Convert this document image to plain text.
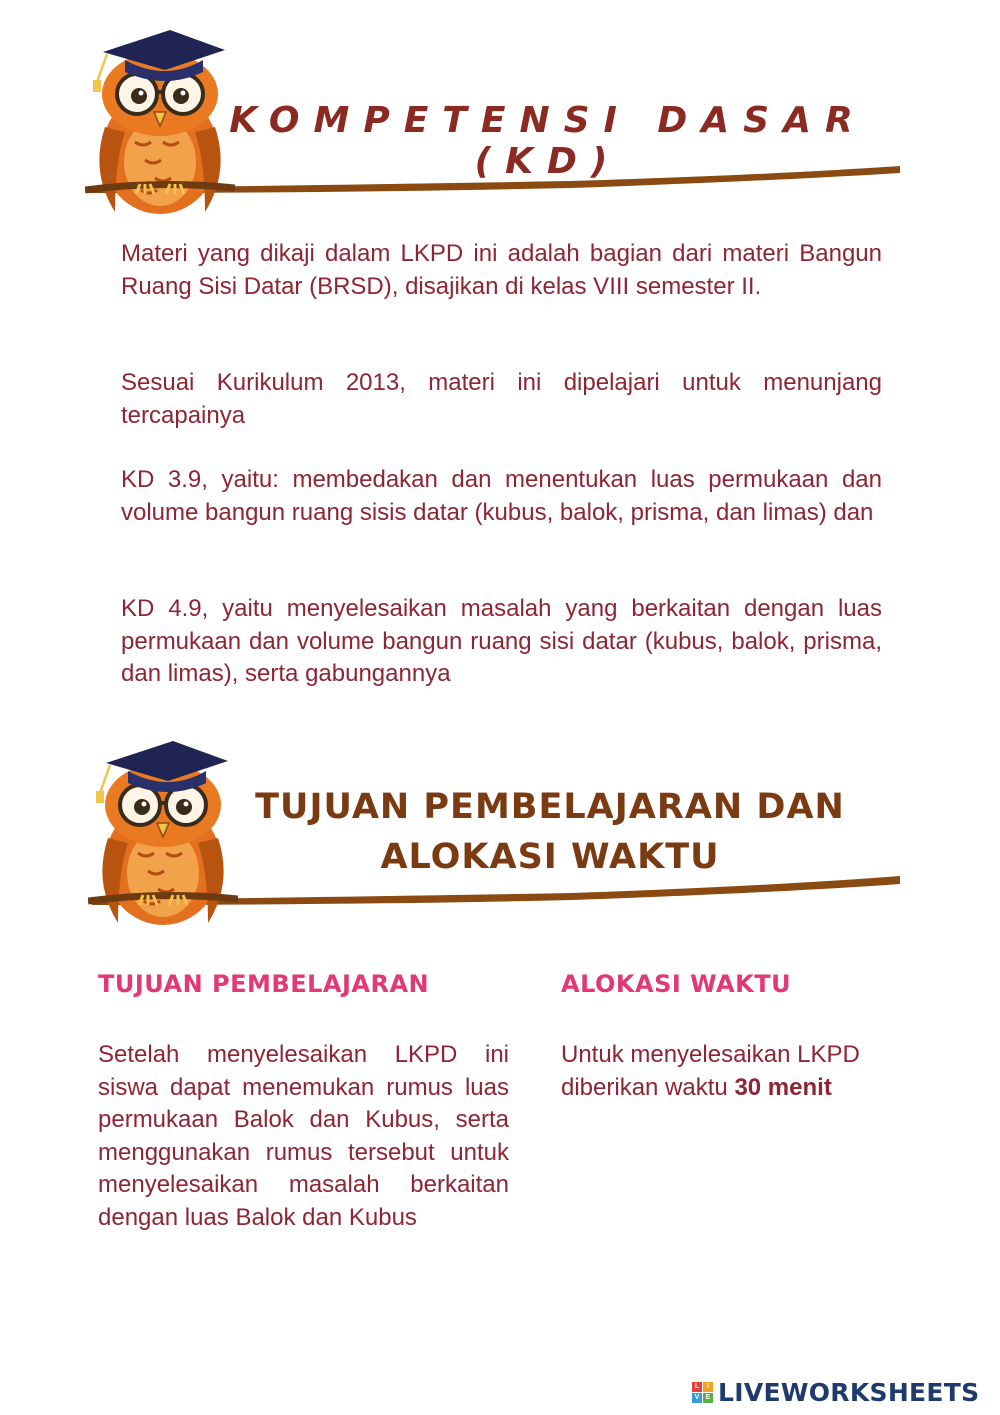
KOMPETENSI DASAR (KD)

Materi yang dikaji dalam LKPD ini adalah bagian dari materi Bangun Ruang Sisi Datar (BRSD), disajikan di kelas VIII semester II.

Sesuai Kurikulum 2013, materi ini dipelajari untuk menunjang tercapainya

KD 3.9, yaitu: membedakan dan menentukan luas permukaan dan volume bangun ruang sisis datar (kubus, balok, prisma, dan limas) dan

KD 4.9, yaitu menyelesaikan masalah yang berkaitan dengan luas permukaan dan volume bangun ruang sisi datar (kubus, balok, prisma, dan limas), serta gabungannya

TUJUAN PEMBELAJARAN DAN
ALOKASI WAKTU
TUJUAN PEMBELAJARAN

Setelah menyelesaikan LKPD ini siswa dapat menemukan rumus luas permukaan Balok dan Kubus, serta menggunakan rumus tersebut untuk menyelesaikan masalah berkaitan dengan luas Balok dan Kubus

ALOKASI WAKTU

Untuk menyelesaikan LKPD diberikan waktu 30 menit

L	I
V E LIVEWORKSHEETS
